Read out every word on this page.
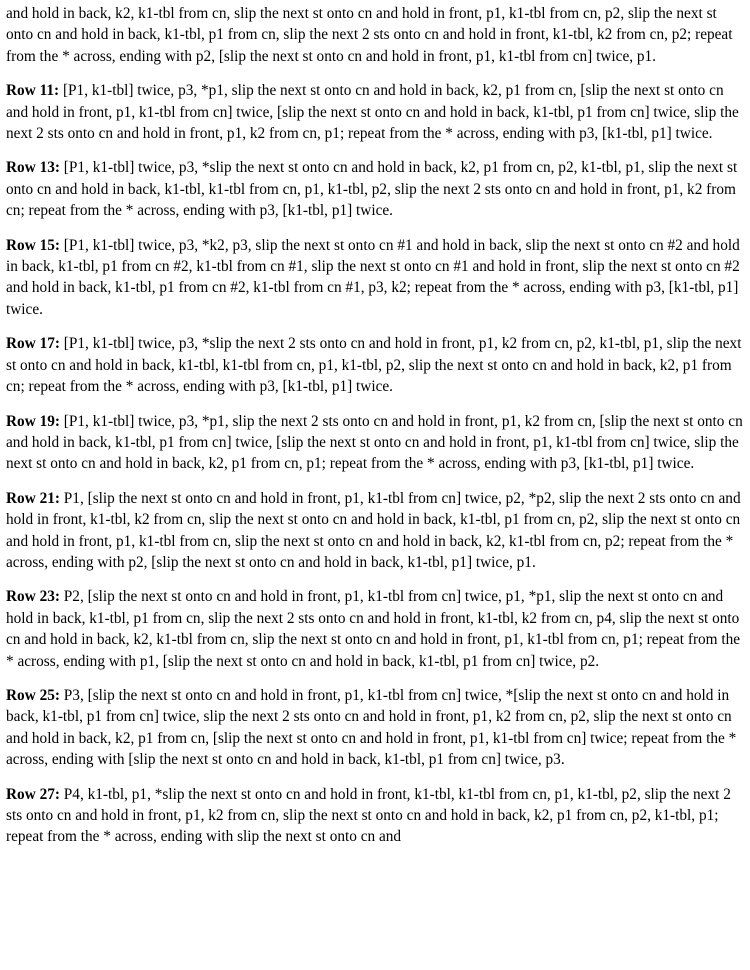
and hold in back, k2, k1-tbl from cn, slip the next st onto cn and hold in front, p1, k1-tbl from cn, p2, slip the next st onto cn and hold in back, k1-tbl, p1 from cn, slip the next 2 sts onto cn and hold in front, k1-tbl, k2 from cn, p2; repeat from the * across, ending with p2, [slip the next st onto cn and hold in front, p1, k1-tbl from cn] twice, p1.

Row 11: [P1, k1-tbl] twice, p3, *p1, slip the next st onto cn and hold in back, k2, p1 from cn, [slip the next st onto cn and hold in front, p1, k1-tbl from cn] twice, [slip the next st onto cn and hold in back, k1-tbl, p1 from cn] twice, slip the next 2 sts onto cn and hold in front, p1, k2 from cn, p1; repeat from the * across, ending with p3, [k1-tbl, p1] twice.

Row 13: [P1, k1-tbl] twice, p3, *slip the next st onto cn and hold in back, k2, p1 from cn, p2, k1-tbl, p1, slip the next st onto cn and hold in back, k1-tbl, k1-tbl from cn, p1, k1-tbl, p2, slip the next 2 sts onto cn and hold in front, p1, k2 from cn; repeat from the * across, ending with p3, [k1-tbl, p1] twice.

Row 15: [P1, k1-tbl] twice, p3, *k2, p3, slip the next st onto cn #1 and hold in back, slip the next st onto cn #2 and hold in back, k1-tbl, p1 from cn #2, k1-tbl from cn #1, slip the next st onto cn #1 and hold in front, slip the next st onto cn #2 and hold in back, k1-tbl, p1 from cn #2, k1-tbl from cn #1, p3, k2; repeat from the * across, ending with p3, [k1-tbl, p1] twice.

Row 17: [P1, k1-tbl] twice, p3, *slip the next 2 sts onto cn and hold in front, p1, k2 from cn, p2, k1-tbl, p1, slip the next st onto cn and hold in back, k1-tbl, k1-tbl from cn, p1, k1-tbl, p2, slip the next st onto cn and hold in back, k2, p1 from cn; repeat from the * across, ending with p3, [k1-tbl, p1] twice.

Row 19: [P1, k1-tbl] twice, p3, *p1, slip the next 2 sts onto cn and hold in front, p1, k2 from cn, [slip the next st onto cn and hold in back, k1-tbl, p1 from cn] twice, [slip the next st onto cn and hold in front, p1, k1-tbl from cn] twice, slip the next st onto cn and hold in back, k2, p1 from cn, p1; repeat from the * across, ending with p3, [k1-tbl, p1] twice.

Row 21: P1, [slip the next st onto cn and hold in front, p1, k1-tbl from cn] twice, p2, *p2, slip the next 2 sts onto cn and hold in front, k1-tbl, k2 from cn, slip the next st onto cn and hold in back, k1-tbl, p1 from cn, p2, slip the next st onto cn and hold in front, p1, k1-tbl from cn, slip the next st onto cn and hold in back, k2, k1-tbl from cn, p2; repeat from the * across, ending with p2, [slip the next st onto cn and hold in back, k1-tbl, p1] twice, p1.

Row 23: P2, [slip the next st onto cn and hold in front, p1, k1-tbl from cn] twice, p1, *p1, slip the next st onto cn and hold in back, k1-tbl, p1 from cn, slip the next 2 sts onto cn and hold in front, k1-tbl, k2 from cn, p4, slip the next st onto cn and hold in back, k2, k1-tbl from cn, slip the next st onto cn and hold in front, p1, k1-tbl from cn, p1; repeat from the * across, ending with p1, [slip the next st onto cn and hold in back, k1-tbl, p1 from cn] twice, p2.

Row 25: P3, [slip the next st onto cn and hold in front, p1, k1-tbl from cn] twice, *[slip the next st onto cn and hold in back, k1-tbl, p1 from cn] twice, slip the next 2 sts onto cn and hold in front, p1, k2 from cn, p2, slip the next st onto cn and hold in back, k2, p1 from cn, [slip the next st onto cn and hold in front, p1, k1-tbl from cn] twice; repeat from the * across, ending with [slip the next st onto cn and hold in back, k1-tbl, p1 from cn] twice, p3.

Row 27: P4, k1-tbl, p1, *slip the next st onto cn and hold in front, k1-tbl, k1-tbl from cn, p1, k1-tbl, p2, slip the next 2 sts onto cn and hold in front, p1, k2 from cn, slip the next st onto cn and hold in back, k2, p1 from cn, p2, k1-tbl, p1; repeat from the * across, ending with slip the next st onto cn and
